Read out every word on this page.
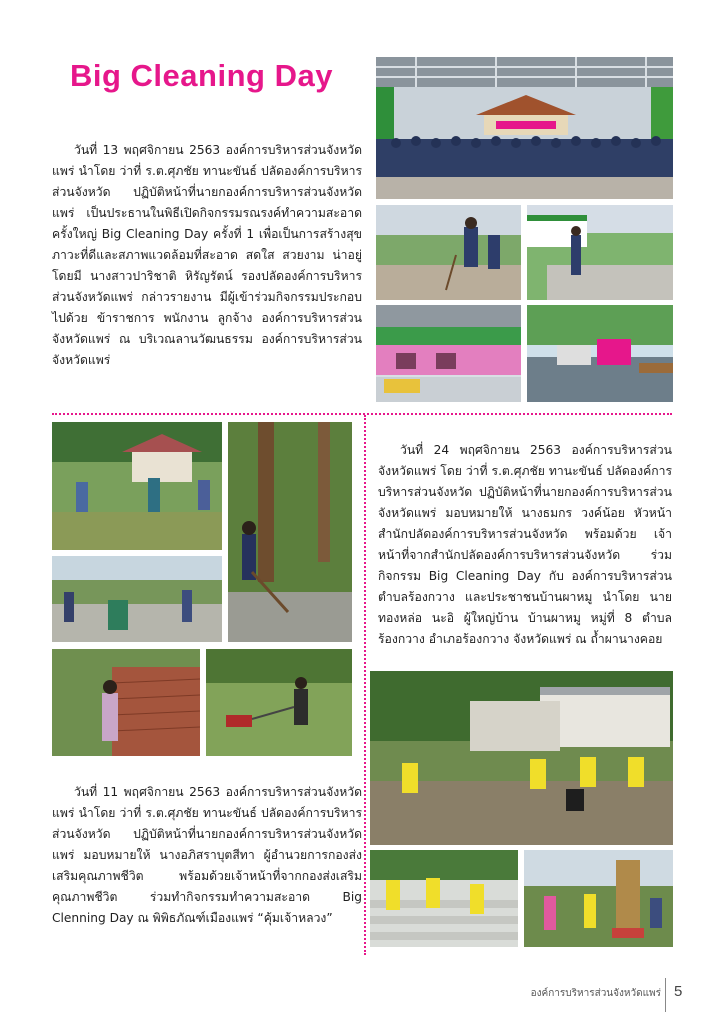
Big Cleaning Day

วันที่ 13 พฤศจิกายน 2563 องค์การบริหารส่วนจังหวัดแพร่ นำโดย ว่าที่ ร.ต.ศุภชัย ทานะขันธ์ ปลัดองค์การบริหารส่วนจังหวัด ปฏิบัติหน้าที่นายกองค์การบริหารส่วนจังหวัดแพร่ เป็นประธานในพิธีเปิดกิจกรรมรณรงค์ทำความสะอาดครั้งใหญ่ Big Cleaning Day ครั้งที่ 1 เพื่อเป็นการสร้างสุขภาวะที่ดีและสภาพแวดล้อมที่สะอาด สดใส สวยงาม น่าอยู่ โดยมี นางสาวปาริชาติ หิรัญรัตน์ รองปลัดองค์การบริหารส่วนจังหวัดแพร่ กล่าวรายงาน มีผู้เข้าร่วมกิจกรรมประกอบไปด้วย ข้าราชการ พนักงาน ลูกจ้าง องค์การบริหารส่วนจังหวัดแพร่ ณ บริเวณลานวัฒนธรรม องค์การบริหารส่วนจังหวัดแพร่

วันที่ 24 พฤศจิกายน 2563 องค์การบริหารส่วนจังหวัดแพร่ โดย ว่าที่ ร.ต.ศุภชัย ทานะขันธ์ ปลัดองค์การบริหารส่วนจังหวัด ปฏิบัติหน้าที่นายกองค์การบริหารส่วนจังหวัดแพร่ มอบหมายให้ นางธมกร วงค์น้อย หัวหน้าสำนักปลัดองค์การบริหารส่วนจังหวัด พร้อมด้วย เจ้าหน้าที่จากสำนักปลัดองค์การบริหารส่วนจังหวัด ร่วมกิจกรรม Big Cleaning Day กับ องค์การบริหารส่วนตำบลร้องกวาง และประชาชนบ้านผาหมู นำโดย นายทองหล่อ นะอิ ผู้ใหญ่บ้าน บ้านผาหมู หมู่ที่ 8 ตำบลร้องกวาง อำเภอร้องกวาง จังหวัดแพร่ ณ ถ้ำผานางคอย

วันที่ 11 พฤศจิกายน 2563 องค์การบริหารส่วนจังหวัดแพร่ นำโดย ว่าที่ ร.ต.ศุภชัย ทานะขันธ์ ปลัดองค์การบริหารส่วนจังหวัด ปฏิบัติหน้าที่นายกองค์การบริหารส่วนจังหวัดแพร่ มอบหมายให้ นางอภิสราบุตสีทา ผู้อำนวยการกองส่งเสริมคุณภาพชีวิต พร้อมด้วยเจ้าหน้าที่จากกองส่งเสริมคุณภาพชีวิต ร่วมทำกิจกรรมทำความสะอาด Big Clenning Day ณ พิพิธภัณฑ์เมืองแพร่ “คุ้มเจ้าหลวง”

องค์การบริหารส่วนจังหวัดแพร่ 5
